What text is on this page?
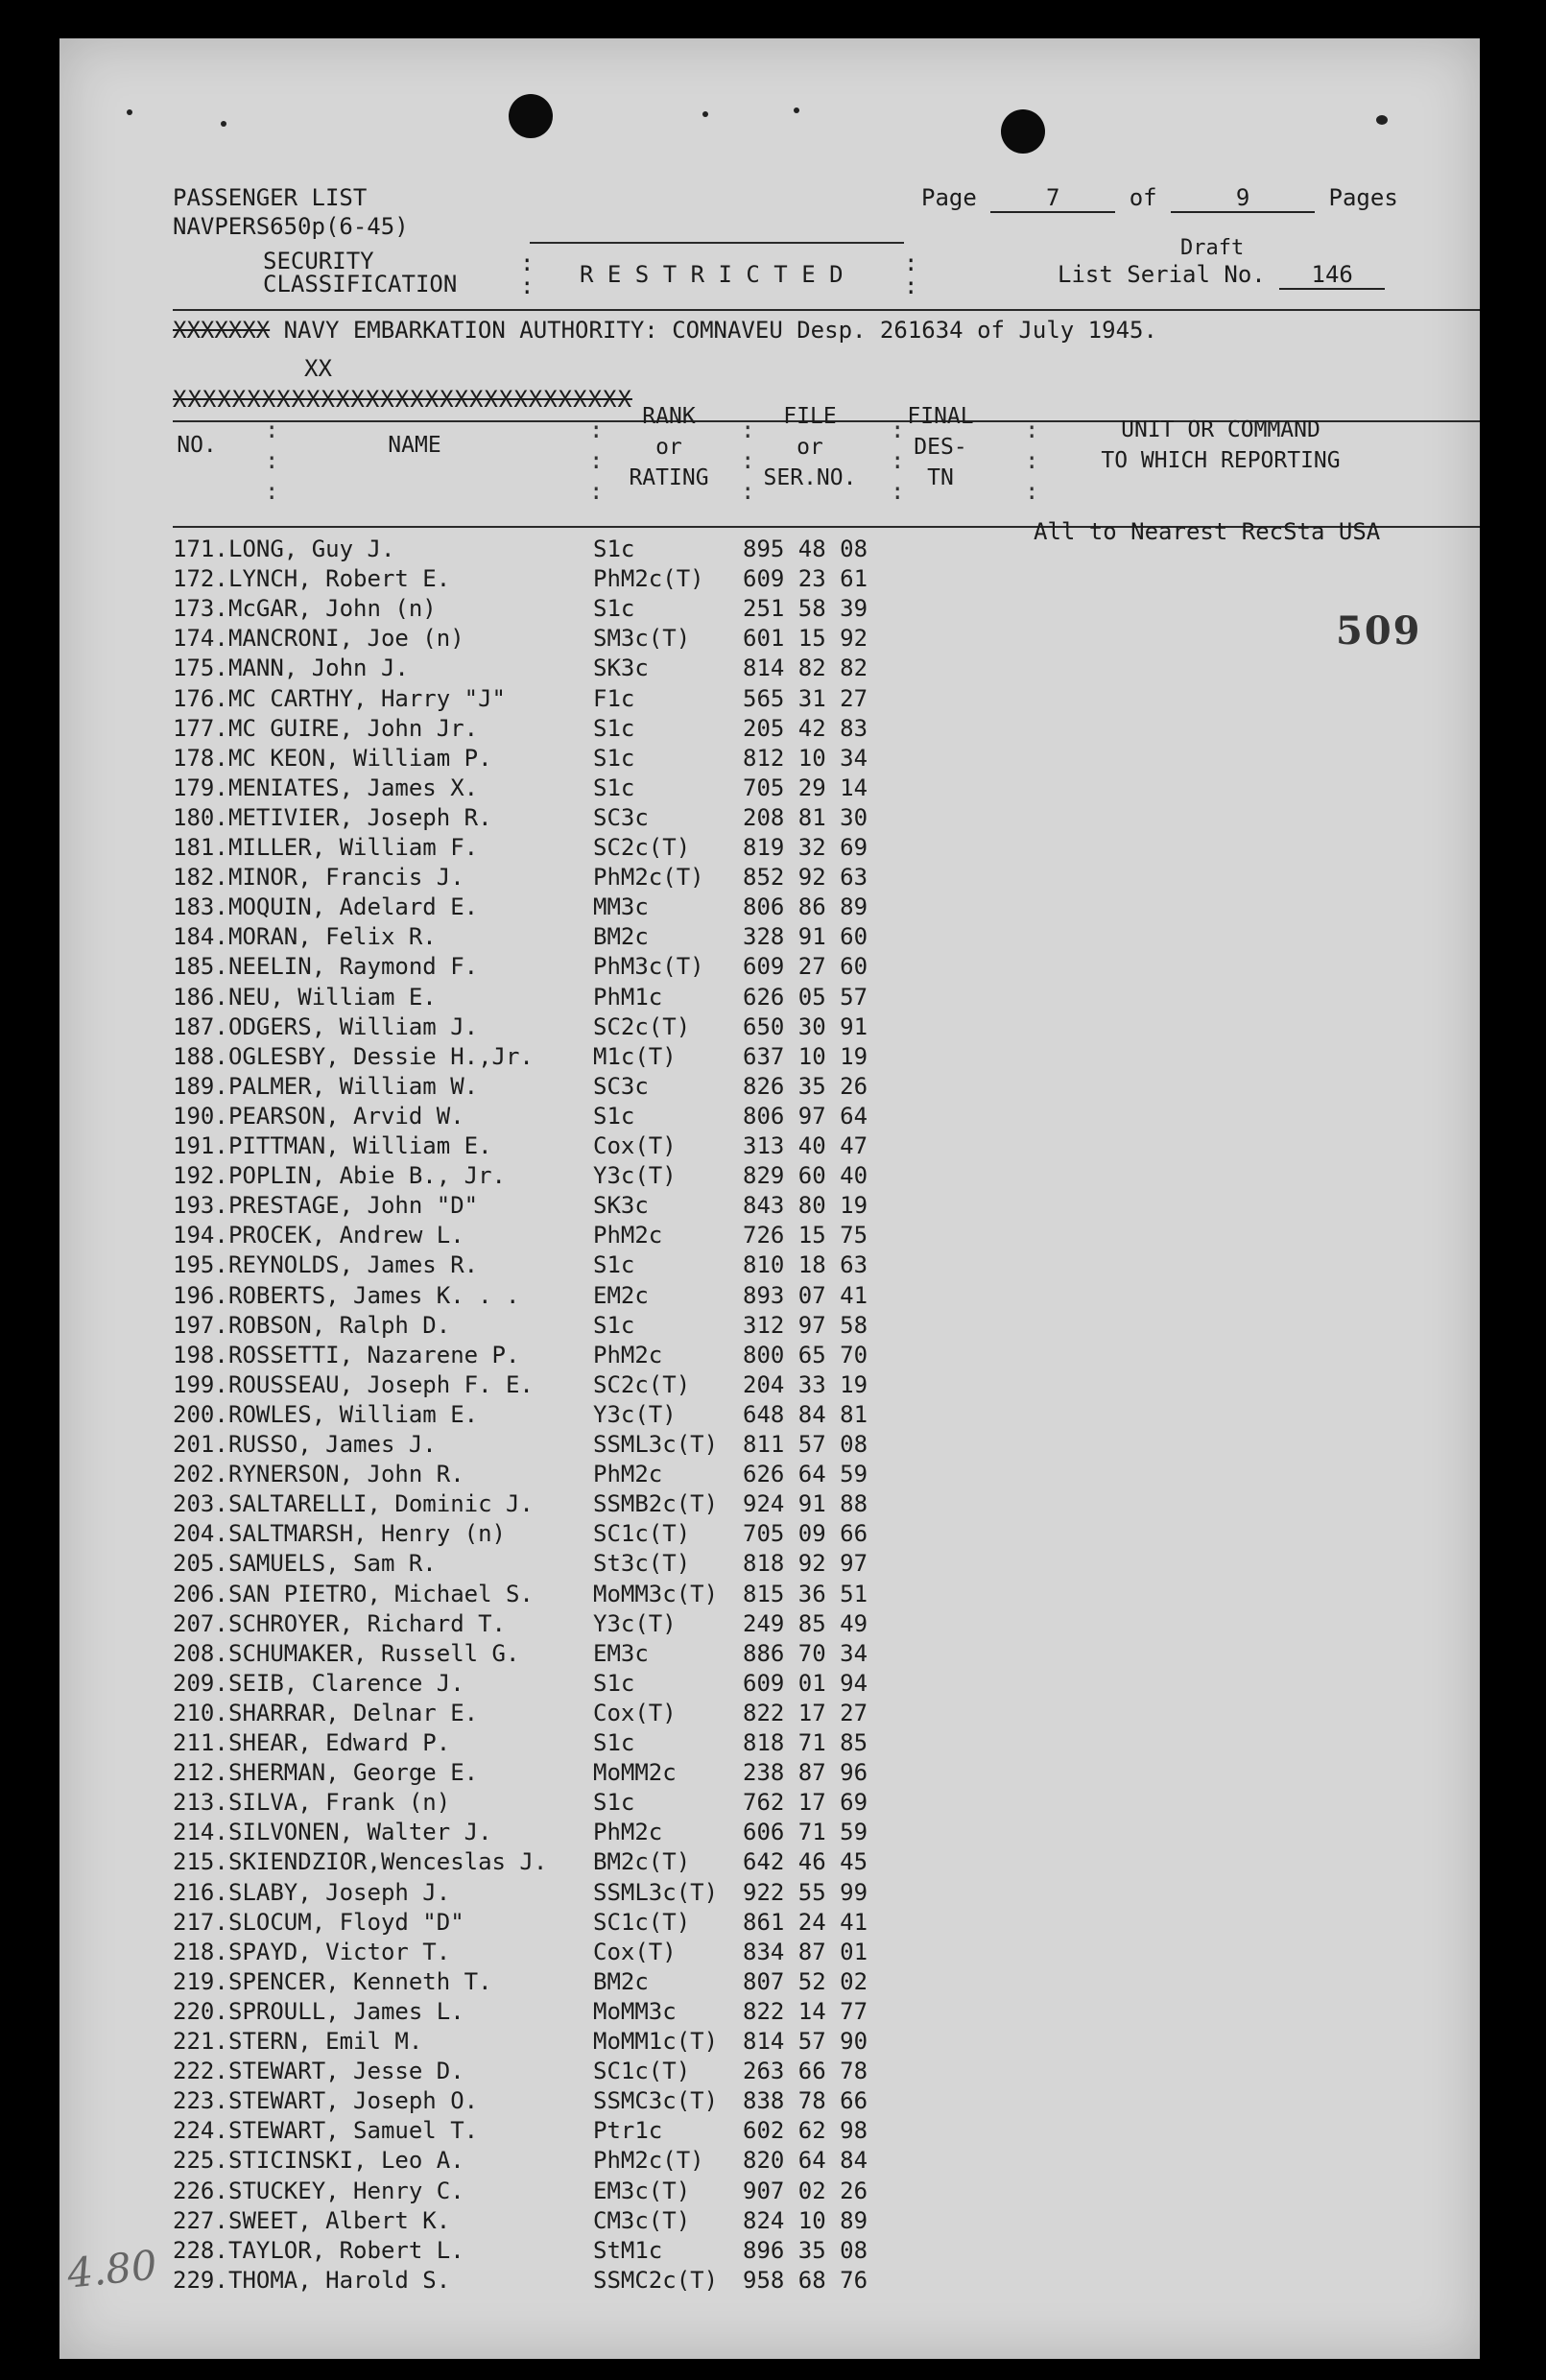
PASSENGER LIST
NAVPERS650p(6-45)
SECURITY
CLASSIFICATION
:
: R E S T R I C T E D	:
:
Page	7	of	9	Pages
Draft
List Serial No. 146
XXXXXXX NAVY EMBARKATION AUTHORITY: COMNAVEU Desp. 261634 of July 1945.
XX
XXXXXXXXXXXXXXXXXXXXXXXXXXXXXXX
NO.	NAME
RANK
or
RATING
FILE
or
SER.NO.
FINAL
DES-
TN
UNIT OR COMMAND
TO WHICH REPORTING
:
:
:
:
:
:
:
:
:
:
:
:
:
:
:
All to Nearest RecSta USA
509
171. LONG, Guy J.	S1c	895 48 08
172. LYNCH, Robert E.	PhM2c(T) 609 23 61
173. McGAR, John (n)	S1c	251 58 39
174. MANCRONI, Joe (n)	SM3c(T) 601 15 92
175. MANN, John J.	SK3c	814 82 82
176. MC CARTHY, Harry "J"	F1c	565 31 27
177. MC GUIRE, John Jr.	S1c	205 42 83
178. MC KEON, William P.	S1c	812 10 34
179. MENIATES, James X.	S1c	705 29 14
180. METIVIER, Joseph R.	SC3c	208 81 30
181. MILLER, William F.	SC2c(T) 819 32 69
182. MINOR, Francis J.	PhM2c(T) 852 92 63
183. MOQUIN, Adelard E.	MM3c	806 86 89
184. MORAN, Felix R.	BM2c	328 91 60
185. NEELIN, Raymond F.	PhM3c(T) 609 27 60
186. NEU, William E.	PhM1c	626 05 57
187. ODGERS, William J.	SC2c(T) 650 30 91
188. OGLESBY, Dessie H.,Jr.	M1c(T)	637 10 19
189. PALMER, William W.	SC3c	826 35 26
190. PEARSON, Arvid W.	S1c	806 97 64
191. PITTMAN, William E.	Cox(T)	313 40 47
192. POPLIN, Abie B., Jr.	Y3c(T)	829 60 40
193. PRESTAGE, John "D"	SK3c	843 80 19
194. PROCEK, Andrew L.	PhM2c	726 15 75
195. REYNOLDS, James R.	S1c	810 18 63
196. ROBERTS, James K. . .	EM2c	893 07 41
197. ROBSON, Ralph D.	S1c	312 97 58
198. ROSSETTI, Nazarene P.	PhM2c	800 65 70
199. ROUSSEAU, Joseph F. E.	SC2c(T) 204 33 19
200. ROWLES, William E.	Y3c(T)	648 84 81
201. RUSSO, James J.	SSML3c(T) 811 57 08
202. RYNERSON, John R.	PhM2c	626 64 59
203. SALTARELLI, Dominic J.	SSMB2c(T) 924 91 88
204. SALTMARSH, Henry (n)	SC1c(T) 705 09 66
205. SAMUELS, Sam R.	St3c(T) 818 92 97
206. SAN PIETRO, Michael S.	MoMM3c(T) 815 36 51
207. SCHROYER, Richard T.	Y3c(T)	249 85 49
208. SCHUMAKER, Russell G.	EM3c	886 70 34
209. SEIB, Clarence J.	S1c	609 01 94
210. SHARRAR, Delnar E.	Cox(T)	822 17 27
211. SHEAR, Edward P.	S1c	818 71 85
212. SHERMAN, George E.	MoMM2c	238 87 96
213. SILVA, Frank (n)	S1c	762 17 69
214. SILVONEN, Walter J.	PhM2c	606 71 59
215. SKIENDZIOR,Wenceslas J. BM2c(T) 642 46 45
216. SLABY, Joseph J.	SSML3c(T) 922 55 99
217. SLOCUM, Floyd "D"	SC1c(T) 861 24 41
218. SPAYD, Victor T.	Cox(T)	834 87 01
219. SPENCER, Kenneth T.	BM2c	807 52 02
220. SPROULL, James L.	MoMM3c	822 14 77
221. STERN, Emil M.	MoMM1c(T) 814 57 90
222. STEWART, Jesse D.	SC1c(T) 263 66 78
223. STEWART, Joseph O.	SSMC3c(T) 838 78 66
224. STEWART, Samuel T.	Ptr1c	602 62 98
225. STICINSKI, Leo A.	PhM2c(T) 820 64 84
226. STUCKEY, Henry C.	EM3c(T) 907 02 26
227. SWEET, Albert K.	CM3c(T) 824 10 89
228. TAYLOR, Robert L.	StM1c	896 35 08
229. THOMA, Harold S.	SSMC2c(T) 958 68 76
4.80
